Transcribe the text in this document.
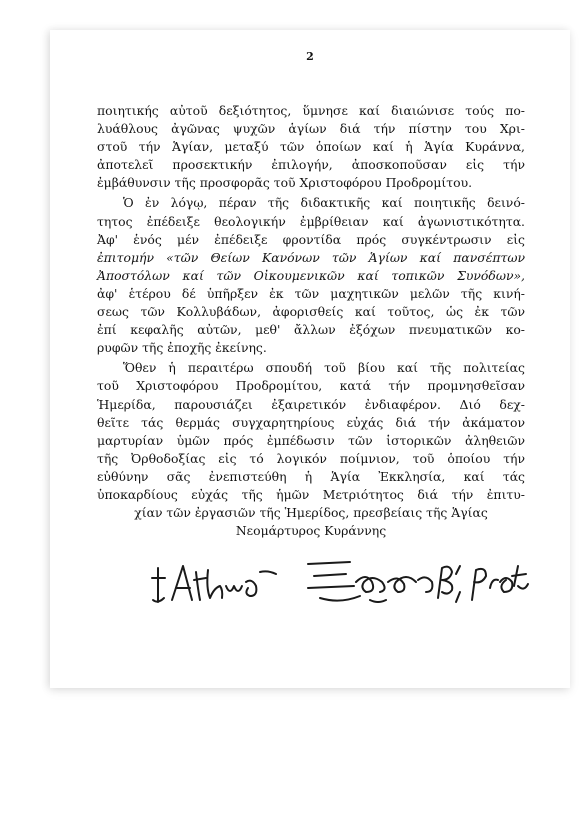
2
ποιητικής αὐτοῦ δεξιότητος, ὕμνησε καί διαιώνισε τούς πο-
λυάθλους ἀγῶνας ψυχῶν ἁγίων διά τήν πίστην του Χρι-
στοῦ τήν Ἁγίαν, μεταξύ τῶν ὁποίων καί ἡ Ἁγία Κυράννα,
ἀποτελεῖ προσεκτικήν ἐπιλογήν, ἀποσκοποῦσαν εἰς τήν
ἐμβάθυνσιν τῆς προσφορᾶς τοῦ Χριστοφόρου Προδρομίτου.
Ὁ ἐν λόγῳ, πέραν τῆς διδακτικῆς καί ποιητικῆς δεινό-
τητος ἐπέδειξε θεολογικήν ἐμβρίθειαν καί ἀγωνιστικότητα.
Ἀφ' ἑνός μέν ἐπέδειξε φροντίδα πρός συγκέντρωσιν εἰς
ἐπιτομήν «τῶν Θείων Κανόνων τῶν Ἁγίων καί πανσέπτων
Ἀποστόλων καί τῶν Οἰκουμενικῶν καί τοπικῶν Συνόδων»,
ἀφ' ἑτέρου δέ ὑπῆρξεν ἐκ τῶν μαχητικῶν μελῶν τῆς κινή-
σεως τῶν Κολλυβάδων, ἀφορισθείς καί τοῦτος, ὡς ἐκ τῶν
ἐπί κεφαλῆς αὐτῶν, μεθ' ἄλλων ἐξόχων πνευματικῶν κο-
ρυφῶν τῆς ἐποχῆς ἐκείνης.
Ὅθεν ἡ περαιτέρω σπουδή τοῦ βίου καί τῆς πολιτείας
τοῦ Χριστοφόρου Προδρομίτου, κατά τήν προμνησθεῖσαν
Ἡμερίδα, παρουσιάζει ἐξαιρετικόν ἐνδιαφέρον. Διό δεχ-
θεῖτε τάς θερμάς συγχαρητηρίους εὐχάς διά τήν ἀκάματον
μαρτυρίαν ὑμῶν πρός ἐμπέδωσιν τῶν ἱστορικῶν ἀληθειῶν
τῆς Ὀρθοδοξίας εἰς τό λογικόν ποίμνιον, τοῦ ὁποίου τήν
εὐθύνην σᾶς ἐνεπιστεύθη ἡ Ἁγία Ἐκκλησία, καί τάς
ὑποκαρδίους εὐχάς τῆς ἡμῶν Μετριότητος διά τήν ἐπιτυ-
χίαν τῶν ἐργασιῶν τῆς Ἡμερίδος, πρεσβείαις τῆς Ἁγίας
Νεομάρτυρος Κυράννης
